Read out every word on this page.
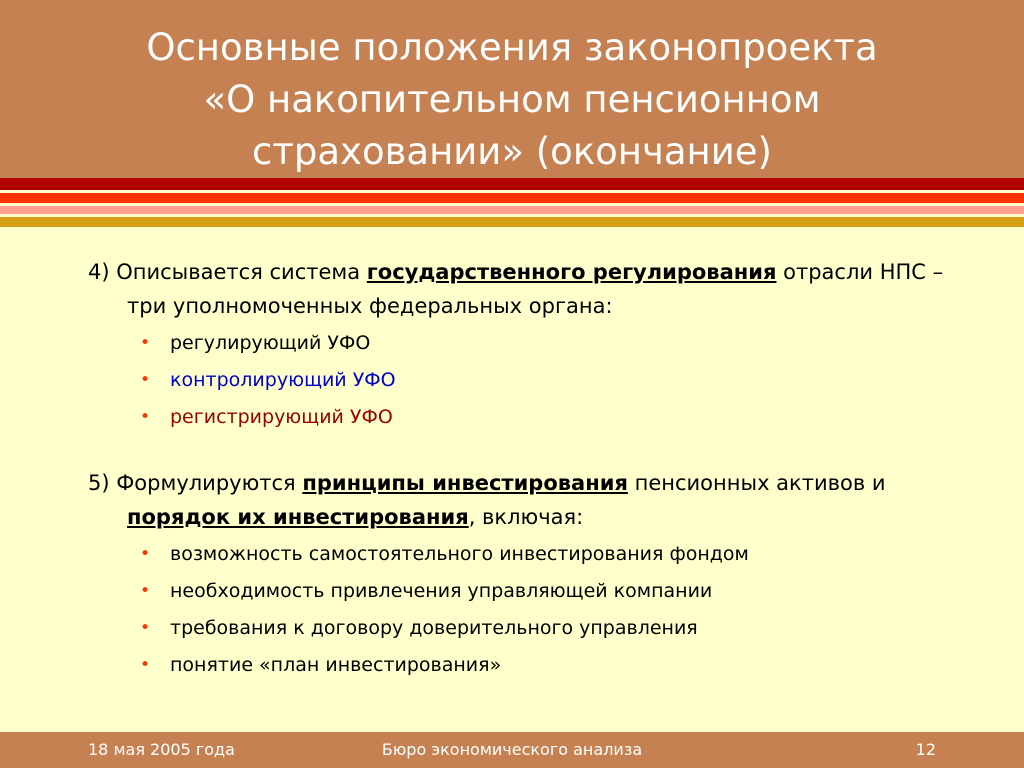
Основные положения законопроекта
«О накопительном пенсионном
страховании» (окончание)

4) Описывается система государственного регулирования отрасли НПС – три уполномоченных федеральных органа:

• регулирующий УФО
• контролирующий УФО
• регистрирующий УФО

5) Формулируются принципы инвестирования пенсионных активов и порядок их инвестирования, включая:

• возможность самостоятельного инвестирования фондом
• необходимость привлечения управляющей компании
• требования к договору доверительного управления
• понятие «план инвестирования»
Бюро экономического анализа
18 мая 2005 года	12
